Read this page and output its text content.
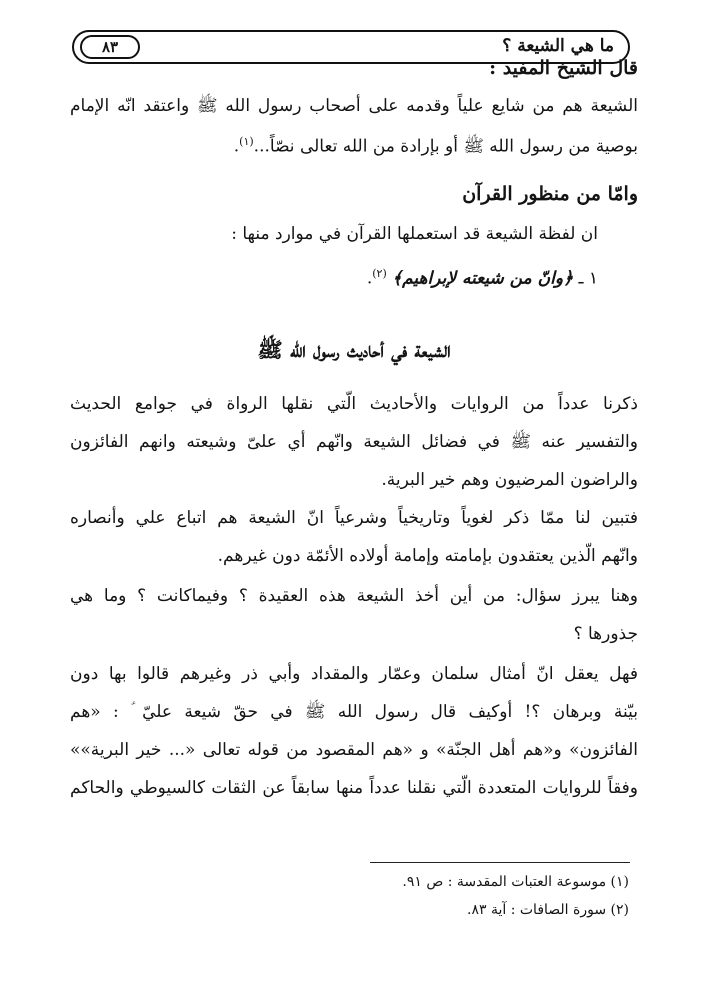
ما هي الشيعة ؟
٨٣
قال الشيخ المفيد :
الشيعة هم من شايع علياً وقدمه على أصحاب رسول الله ﷺ واعتقد انّه الإمام
بوصية من رسول الله ﷺ أو بإرادة من الله تعالى نصّاً...$^{(١)}$.
وامّا من منظور القرآن
ان لفظة الشيعة قد استعملها القرآن في موارد منها :
١ ـ ﴿وانّ من شيعته لإبراهيم﴾ $^{(٢)}$.
الشيعة في أحاديث رسول الله ﷺ
ذكرنا عدداً من الروايات والأحاديث الّتي نقلها الرواة في جوامع الحديث
والتفسير عنه ﷺ في فضائل الشيعة وانّهم أي علىّ وشيعته وانهم الفائزون
والراضون المرضيون وهم خير البرية.
فتبين لنا ممّا ذكر لغوياً وتاريخياً وشرعياً انّ الشيعة هم اتباع علي وأنصاره
وانّهم الّذين يعتقدون بإمامته وإمامة أولاده الأئمّة دون غيرهم.
وهنا يبرز سؤال: من أين أخذ الشيعة هذه العقيدة ؟ وفيماكانت ؟ وما هي
جذورها ؟
فهل يعقل انّ أمثال سلمان وعمّار والمقداد وأبي ذر وغيرهم قالوا بها دون
بيّنة وبرهان ؟! أوكيف قال رسول الله ﷺ في حقّ شيعة عليّ ؑ : «هم
الفائزون» و«هم أهل الجنّة» و «هم المقصود من قوله تعالى «... خير البرية»»
وفقاً للروايات المتعددة الّتي نقلنا عدداً منها سابقاً عن الثقات كالسيوطي والحاكم
(١) موسوعة العتبات المقدسة : ص ٩١.
(٢) سورة الصافات : آية ٨٣.
